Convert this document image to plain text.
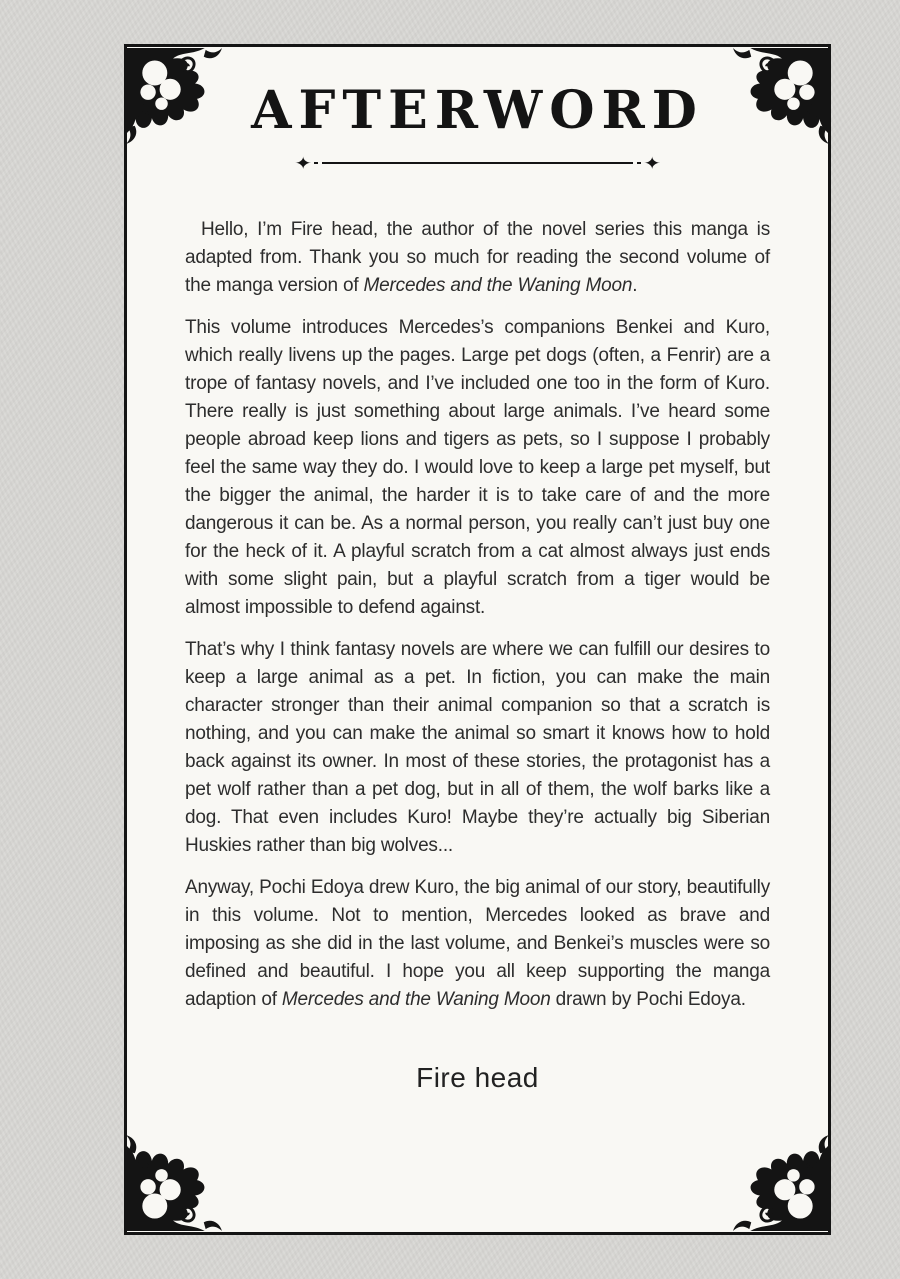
AFTERWORD
✦	✦

Hello, I’m Fire head, the author of the novel series this manga is adapted from. Thank you so much for reading the second volume of the manga version of Mercedes and the Waning Moon.

This volume introduces Mercedes’s companions Benkei and Kuro, which really livens up the pages. Large pet dogs (often, a Fenrir) are a trope of fantasy novels, and I’ve included one too in the form of Kuro. There really is just something about large animals. I’ve heard some people abroad keep lions and tigers as pets, so I suppose I probably feel the same way they do. I would love to keep a large pet myself, but the bigger the animal, the harder it is to take care of and the more dangerous it can be. As a normal person, you really can’t just buy one for the heck of it. A playful scratch from a cat almost always just ends with some slight pain, but a playful scratch from a tiger would be almost impossible to defend against.

That’s why I think fantasy novels are where we can fulfill our desires to keep a large animal as a pet. In fiction, you can make the main character stronger than their animal companion so that a scratch is nothing, and you can make the animal so smart it knows how to hold back against its owner. In most of these stories, the protagonist has a pet wolf rather than a pet dog, but in all of them, the wolf barks like a dog. That even includes Kuro! Maybe they’re actually big Siberian Huskies rather than big wolves...

Anyway, Pochi Edoya drew Kuro, the big animal of our story, beautifully in this volume. Not to mention, Mercedes looked as brave and imposing as she did in the last volume, and Benkei’s muscles were so defined and beautiful. I hope you all keep supporting the manga adaption of Mercedes and the Waning Moon drawn by Pochi Edoya.

Fire head
